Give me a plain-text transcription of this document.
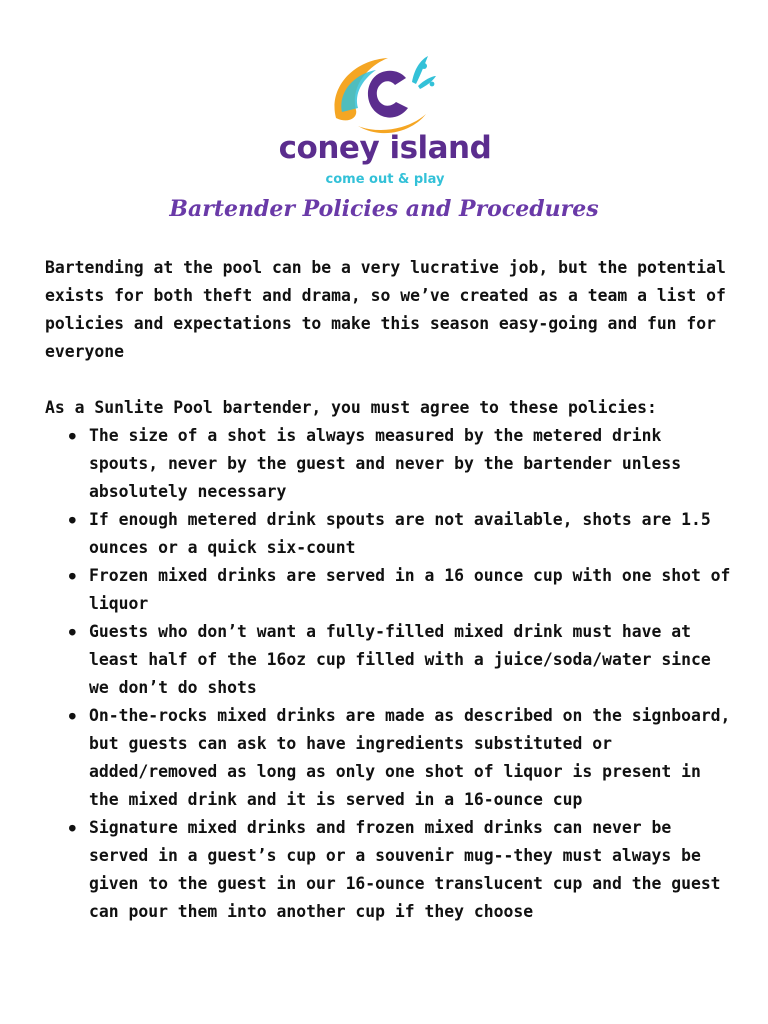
coney island
come out & play
Bartender Policies and Procedures

Bartending at the pool can be a very lucrative job, but the potential exists for both theft and drama, so we’ve created as a team a list of policies and expectations to make this season easy-going and fun for everyone

As a Sunlite Pool bartender, you must agree to these policies:

● The size of a shot is always measured by the metered drink spouts, never by the guest and never by the bartender unless absolutely necessary
● If enough metered drink spouts are not available, shots are 1.5 ounces or a quick six-count
● Frozen mixed drinks are served in a 16 ounce cup with one shot of liquor
● Guests who don’t want a fully-filled mixed drink must have at least half of the 16oz cup filled with a juice/soda/water since we don’t do shots
● On-the-rocks mixed drinks are made as described on the signboard, but guests can ask to have ingredients substituted or added/removed as long as only one shot of liquor is present in the mixed drink and it is served in a 16-ounce cup
● Signature mixed drinks and frozen mixed drinks can never be served in a guest’s cup or a souvenir mug--they must always be given to the guest in our 16-ounce translucent cup and the guest can pour them into another cup if they choose
